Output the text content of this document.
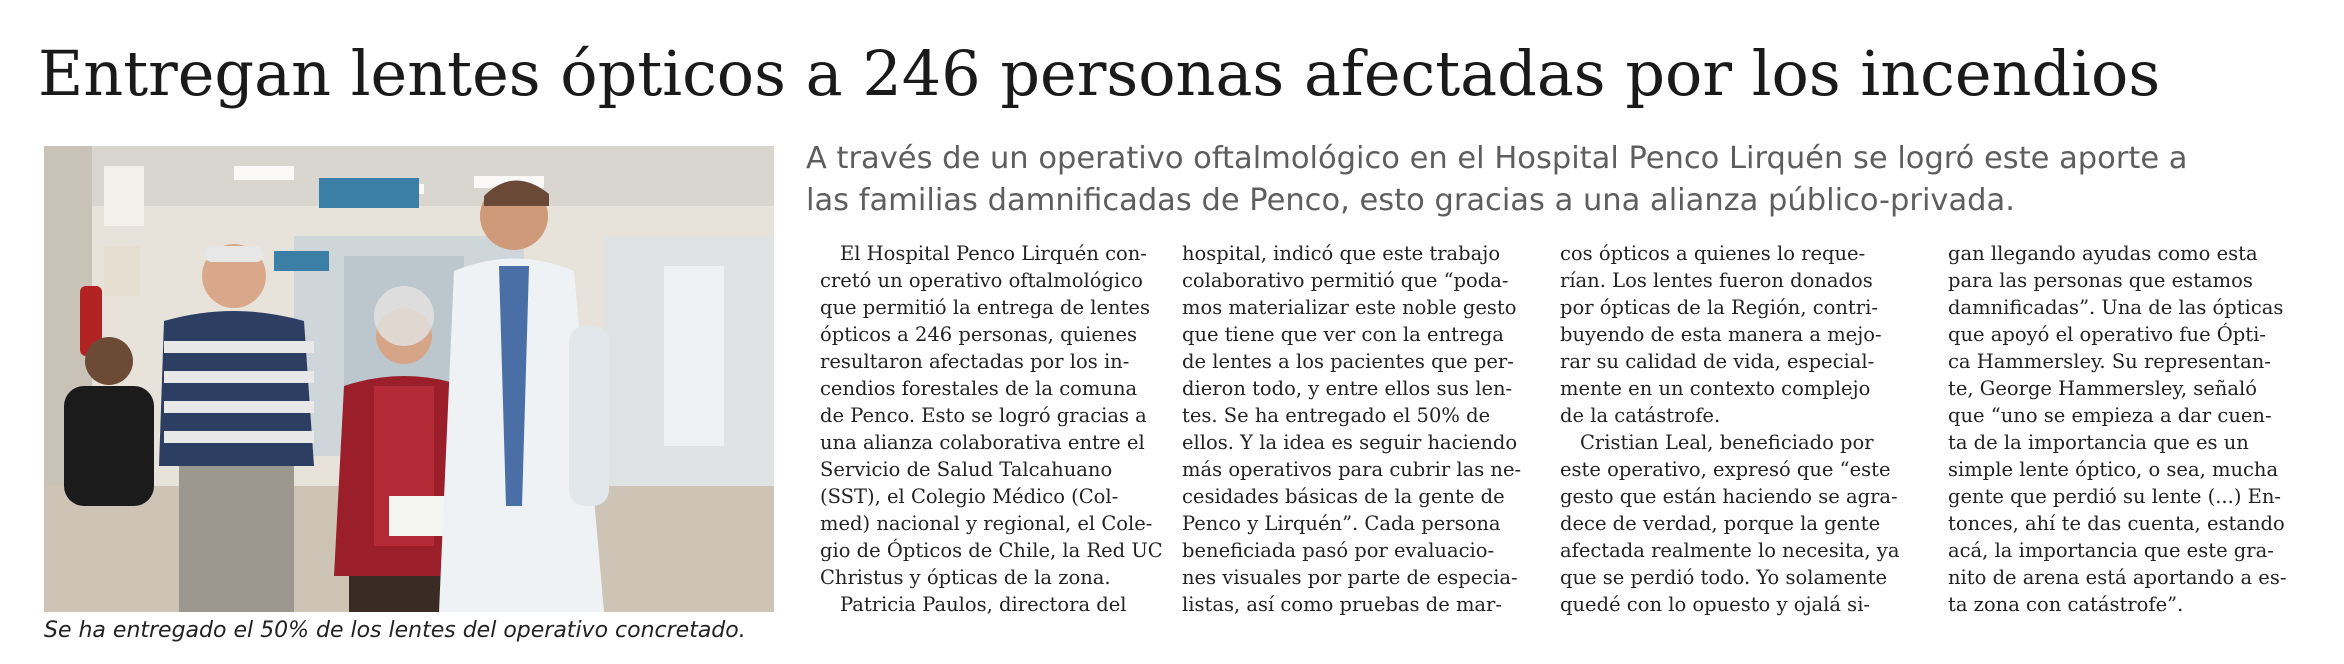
Entregan lentes ópticos a 246 personas afectadas por los incendios
Se ha entregado el 50% de los lentes del operativo concretado.
A través de un operativo oftalmológico en el Hospital Penco Lirquén se logró este aporte a
las familias damnificadas de Penco, esto gracias a una alianza público-privada.
El Hospital Penco Lirquén con-
cretó un operativo oftalmológico
que permitió la entrega de lentes
ópticos a 246 personas, quienes
resultaron afectadas por los in-
cendios forestales de la comuna
de Penco. Esto se logró gracias a
una alianza colaborativa entre el
Servicio de Salud Talcahuano
(SST), el Colegio Médico (Col-
med) nacional y regional, el Cole-
gio de Ópticos de Chile, la Red UC
Christus y ópticas de la zona.
Patricia Paulos, directora del
hospital, indicó que este trabajo
colaborativo permitió que “poda-
mos materializar este noble gesto
que tiene que ver con la entrega
de lentes a los pacientes que per-
dieron todo, y entre ellos sus len-
tes. Se ha entregado el 50% de
ellos. Y la idea es seguir haciendo
más operativos para cubrir las ne-
cesidades básicas de la gente de
Penco y Lirquén”. Cada persona
beneficiada pasó por evaluacio-
nes visuales por parte de especia-
listas, así como pruebas de mar-
cos ópticos a quienes lo reque-
rían. Los lentes fueron donados
por ópticas de la Región, contri-
buyendo de esta manera a mejo-
rar su calidad de vida, especial-
mente en un contexto complejo
de la catástrofe.
Cristian Leal, beneficiado por
este operativo, expresó que “este
gesto que están haciendo se agra-
dece de verdad, porque la gente
afectada realmente lo necesita, ya
que se perdió todo. Yo solamente
quedé con lo opuesto y ojalá si-
gan llegando ayudas como esta
para las personas que estamos
damnificadas”. Una de las ópticas
que apoyó el operativo fue Ópti-
ca Hammersley. Su representan-
te, George Hammersley, señaló
que “uno se empieza a dar cuen-
ta de la importancia que es un
simple lente óptico, o sea, mucha
gente que perdió su lente (...) En-
tonces, ahí te das cuenta, estando
acá, la importancia que este gra-
nito de arena está aportando a es-
ta zona con catástrofe”.
